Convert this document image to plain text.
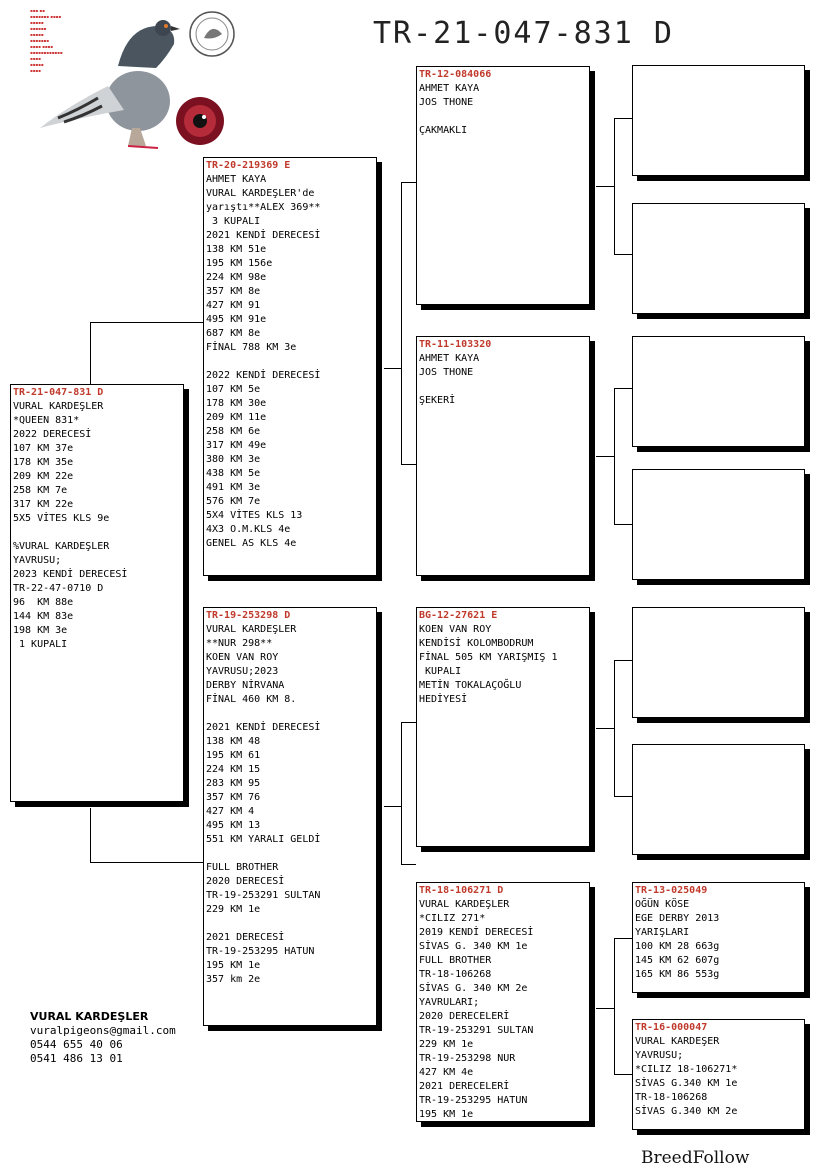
▪▪▪ ▪▪
▪▪▪▪▪▪▪ ▪▪▪▪
▪▪▪▪▪
▪▪▪▪▪▪
▪▪▪▪▪
▪▪▪▪▪▪▪
▪▪▪▪ ▪▪▪▪
▪▪▪▪▪▪▪▪▪▪▪▪
▪▪▪▪
▪▪▪▪▪
▪▪▪▪
TR-21-047-831 D
TR-21-047-831 D
VURAL KARDEŞLER
*QUEEN 831*
2022 DERECESİ
107 KM 37e
178 KM 35e
209 KM 22e
258 KM 7e
317 KM 22e
5X5 VİTES KLS 9e
%VURAL KARDEŞLER
YAVRUSU;
2023 KENDİ DERECESİ
TR-22-47-0710 D
96  KM 88e
144 KM 83e
198 KM 3e
1 KUPALI
TR-20-219369 E
AHMET KAYA
VURAL KARDEŞLER'de
yarıştı**ALEX 369**
3 KUPALI
2021 KENDİ DERECESİ
138 KM 51e
195 KM 156e
224 KM 98e
357 KM 8e
427 KM 91
495 KM 91e
687 KM 8e
FİNAL 788 KM 3e
2022 KENDİ DERECESİ
107 KM 5e
178 KM 30e
209 KM 11e
258 KM 6e
317 KM 49e
380 KM 3e
438 KM 5e
491 KM 3e
576 KM 7e
5X4 VİTES KLS 13
4X3 O.M.KLS 4e
GENEL AS KLS 4e
TR-19-253298 D
VURAL KARDEŞLER
**NUR 298**
KOEN VAN ROY
YAVRUSU;2023
DERBY NİRVANA
FİNAL 460 KM 8.
2021 KENDİ DERECESİ
138 KM 48
195 KM 61
224 KM 15
283 KM 95
357 KM 76
427 KM 4
495 KM 13
551 KM YARALI GELDİ
FULL BROTHER
2020 DERECESİ
TR-19-253291 SULTAN
229 KM 1e
2021 DERECESİ
TR-19-253295 HATUN
195 KM 1e
357 km 2e
TR-12-084066
AHMET KAYA
JOS THONE
ÇAKMAKLI
TR-11-103320
AHMET KAYA
JOS THONE
ŞEKERİ
BG-12-27621 E
KOEN VAN ROY
KENDİSİ KOLOMBODRUM
FİNAL 505 KM YARIŞMIŞ 1
KUPALI
METİN TOKALAÇOĞLU
HEDİYESİ
TR-18-106271 D
VURAL KARDEŞLER
*CILIZ 271*
2019 KENDİ DERECESİ
SİVAS G. 340 KM 1e
FULL BROTHER
TR-18-106268
SİVAS G. 340 KM 2e
YAVRULARI;
2020 DERECELERİ
TR-19-253291 SULTAN
229 KM 1e
TR-19-253298 NUR
427 KM 4e
2021 DERECELERİ
TR-19-253295 HATUN
195 KM 1e
TR-13-025049
OĞÜN KÖSE
EGE DERBY 2013
YARIŞLARI
100 KM 28 663g
145 KM 62 607g
165 KM 86 553g
TR-16-000047
VURAL KARDEŞER
YAVRUSU;
*CILIZ 18-106271*
SİVAS G.340 KM 1e
TR-18-106268
SİVAS G.340 KM 2e
VURAL KARDEŞLER
vuralpigeons@gmail.com
0544 655 40 06
0541 486 13 01
BreedFollow
